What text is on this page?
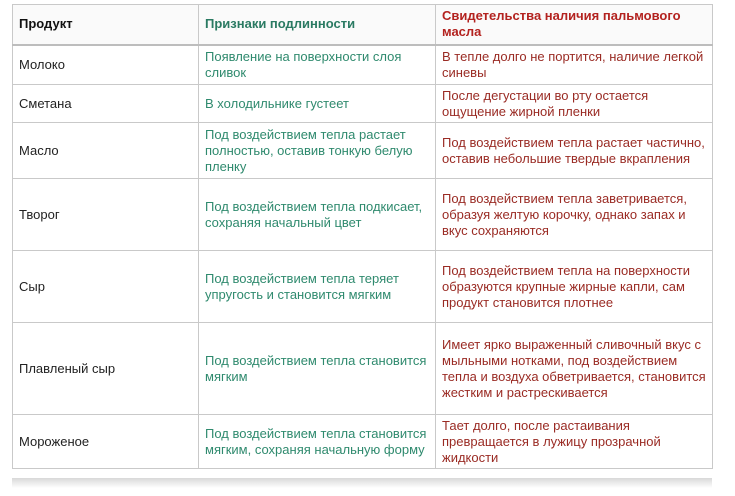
Продукт	Признаки подлинности	Свидетельства наличия пальмового масла
Молоко	Появление на поверхности слоя сливок	В тепле долго не портится, наличие легкой синевы
Сметана	В холодильнике густеет	После дегустации во рту остается ощущение жирной пленки
Масло	Под воздействием тепла растает полностью, оставив тонкую белую пленку	Под воздействием тепла растает частично, оставив небольшие твердые вкрапления
Творог	Под воздействием тепла подкисает, сохраняя начальный цвет	Под воздействием тепла заветривается, образуя желтую корочку, однако запах и вкус сохраняются
Сыр	Под воздействием тепла теряет упругость и становится мягким	Под воздействием тепла на поверхности образуются крупные жирные капли, сам продукт становится плотнее
Плавленый сыр	Под воздействием тепла становится мягким	Имеет ярко выраженный сливочный вкус с мыльными нотками, под воздействием тепла и воздуха обветривается, становится жестким и растрескивается
Мороженое	Под воздействием тепла становится мягким, сохраняя начальную форму	Тает долго, после растаивания превращается в лужицу прозрачной жидкости
